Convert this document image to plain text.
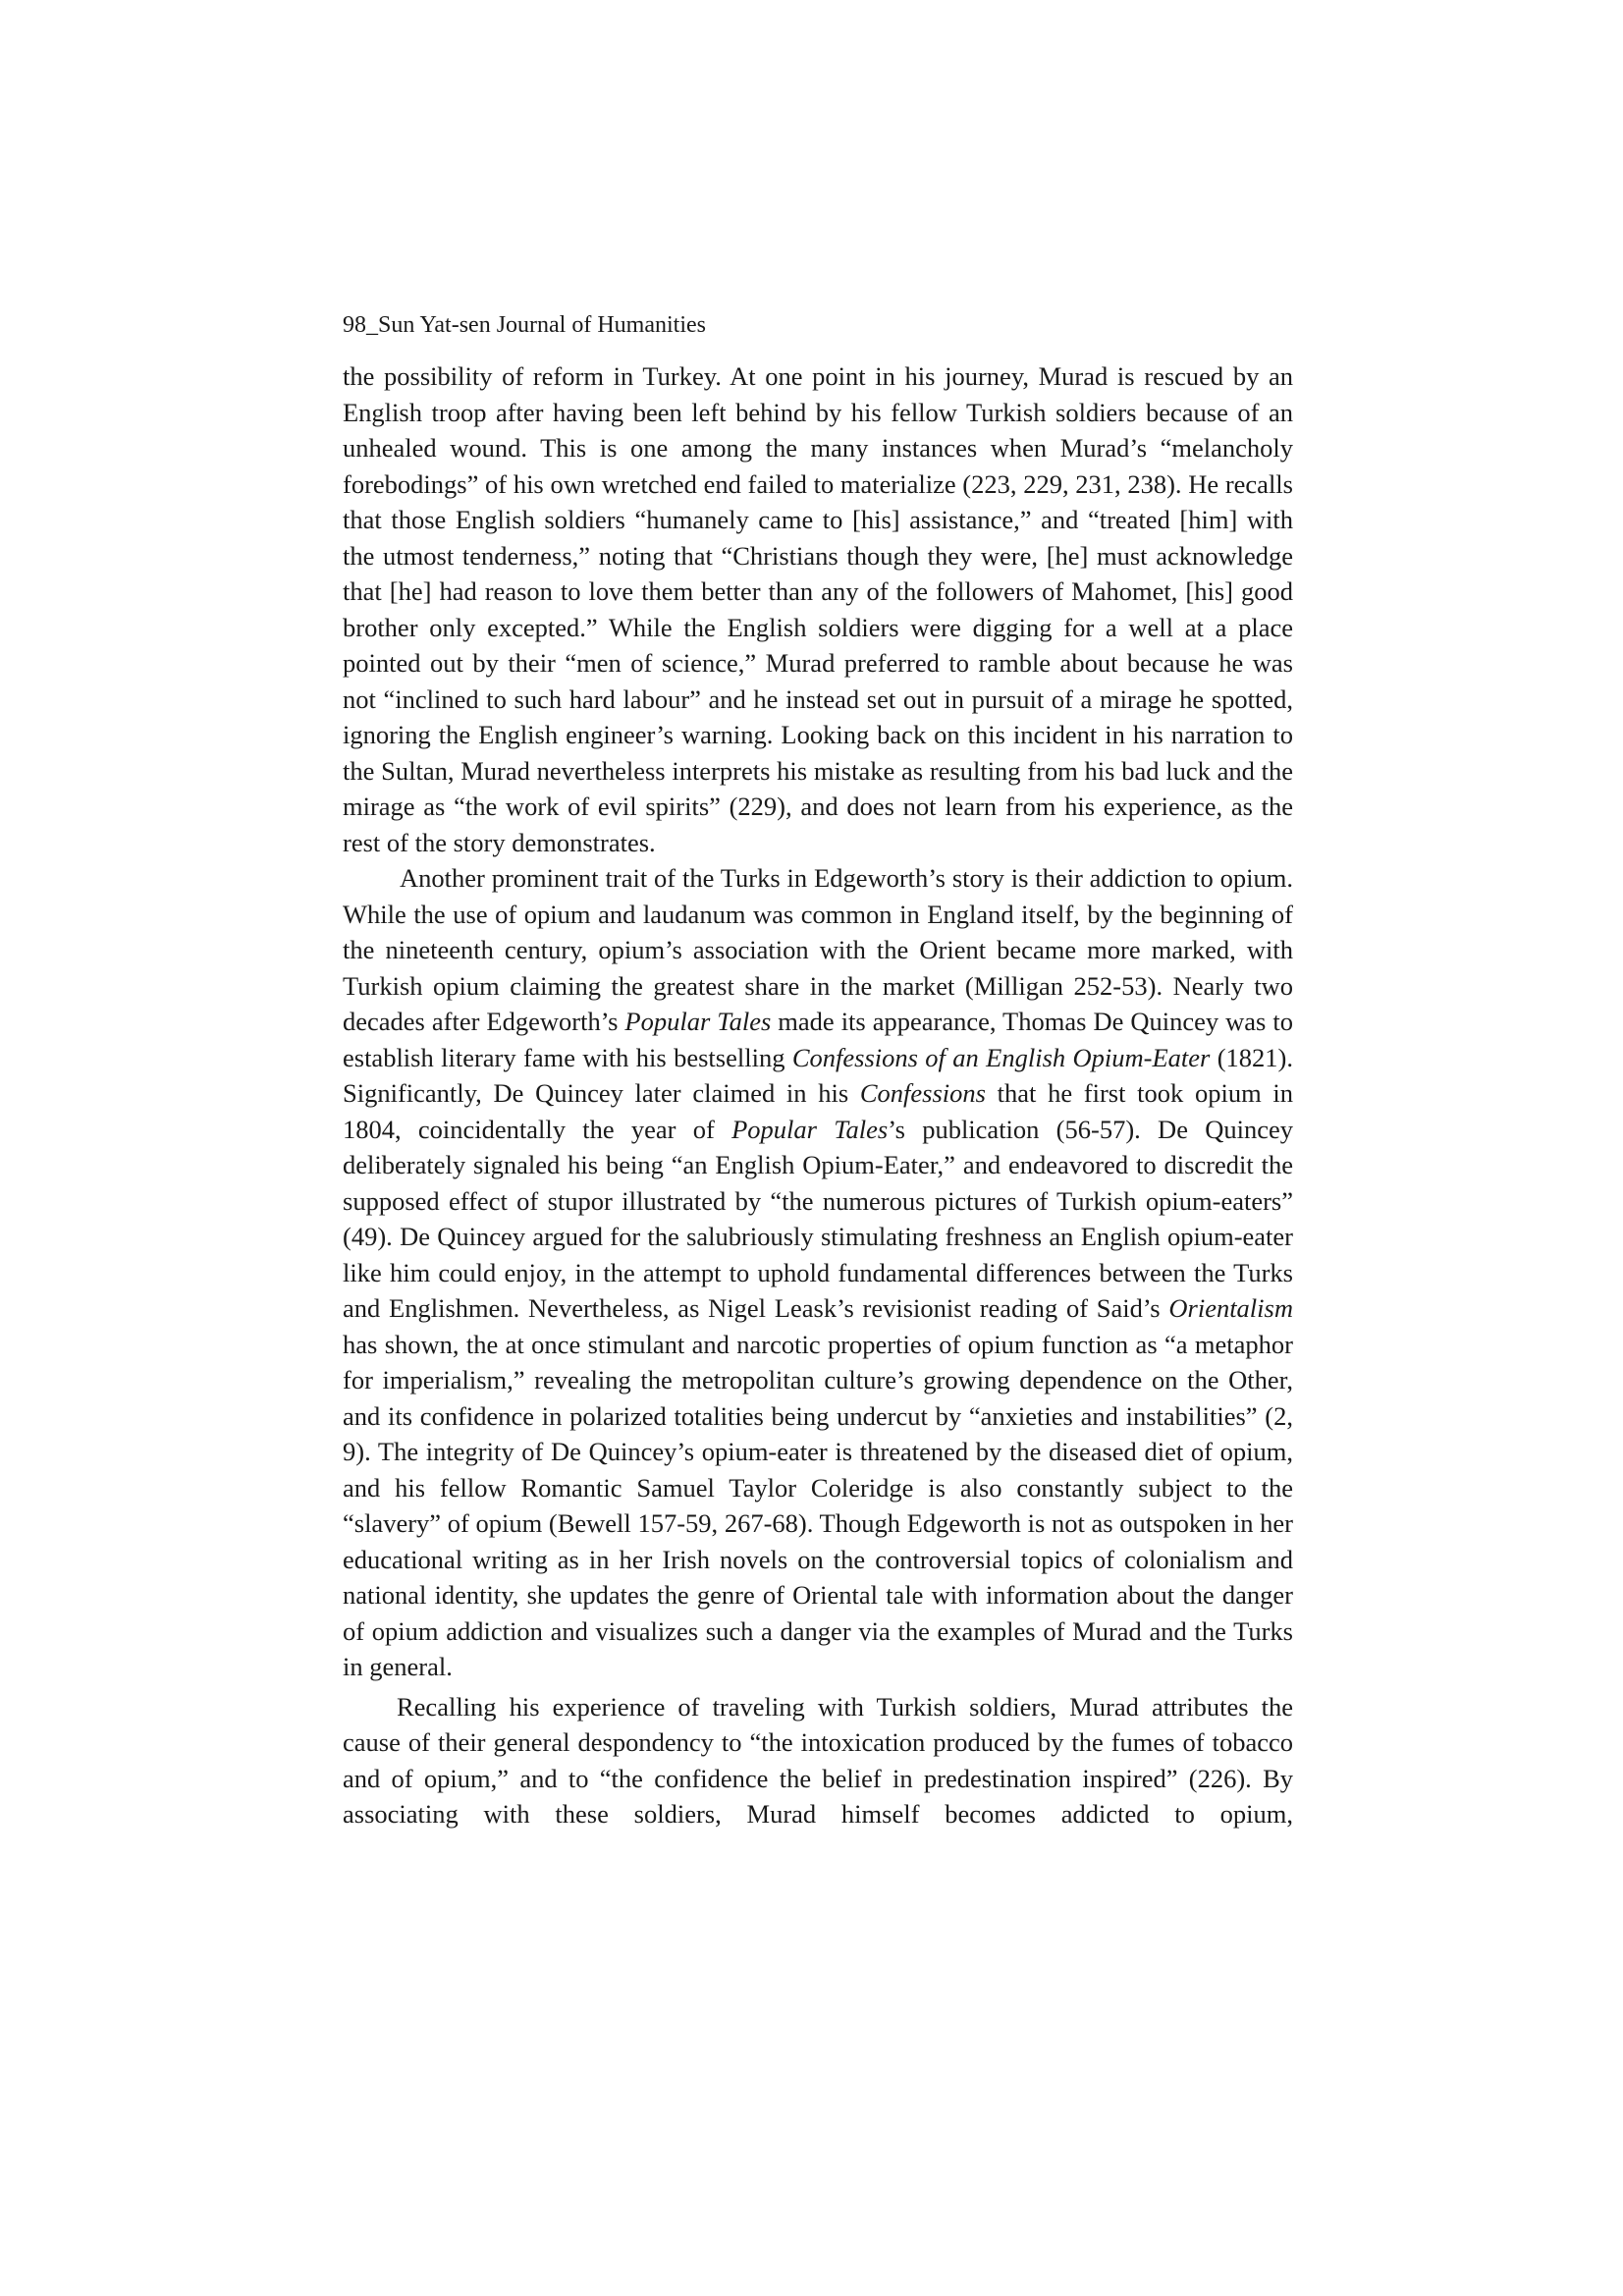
98_Sun Yat-sen Journal of Humanities

the possibility of reform in Turkey. At one point in his journey, Murad is rescued by an English troop after having been left behind by his fellow Turkish soldiers because of an unhealed wound. This is one among the many instances when Murad’s “melancholy forebodings” of his own wretched end failed to materialize (223, 229, 231, 238). He recalls that those English soldiers “humanely came to [his] assistance,” and “treated [him] with the utmost tenderness,” noting that “Christians though they were, [he] must acknowledge that [he] had reason to love them better than any of the followers of Mahomet, [his] good brother only excepted.” While the English soldiers were digging for a well at a place pointed out by their “men of science,” Murad preferred to ramble about because he was not “inclined to such hard labour” and he instead set out in pursuit of a mirage he spotted, ignoring the English engineer’s warning. Looking back on this incident in his narration to the Sultan, Murad nevertheless interprets his mistake as resulting from his bad luck and the mirage as “the work of evil spirits” (229), and does not learn from his experience, as the rest of the story demonstrates.

Another prominent trait of the Turks in Edgeworth’s story is their addiction to opium. While the use of opium and laudanum was common in England itself, by the beginning of the nineteenth century, opium’s association with the Orient became more marked, with Turkish opium claiming the greatest share in the market (Milligan 252-53). Nearly two decades after Edgeworth’s Popular Tales made its appearance, Thomas De Quincey was to establish literary fame with his bestselling Confessions of an English Opium-Eater (1821). Significantly, De Quincey later claimed in his Confessions that he first took opium in 1804, coincidentally the year of Popular Tales’s publication (56-57). De Quincey deliberately signaled his being “an English Opium-Eater,” and endeavored to discredit the supposed effect of stupor illustrated by “the numerous pictures of Turkish opium-eaters” (49). De Quincey argued for the salubriously stimulating freshness an English opium-eater like him could enjoy, in the attempt to uphold fundamental differences between the Turks and Englishmen. Nevertheless, as Nigel Leask’s revisionist reading of Said’s Orientalism has shown, the at once stimulant and narcotic properties of opium function as “a metaphor for imperialism,” revealing the metropolitan culture’s growing dependence on the Other, and its confidence in polarized totalities being undercut by “anxieties and instabilities” (2, 9). The integrity of De Quincey’s opium-eater is threatened by the diseased diet of opium, and his fellow Romantic Samuel Taylor Coleridge is also constantly subject to the “slavery” of opium (Bewell 157-59, 267-68). Though Edgeworth is not as outspoken in her educational writing as in her Irish novels on the controversial topics of colonialism and national identity, she updates the genre of Oriental tale with information about the danger of opium addiction and visualizes such a danger via the examples of Murad and the Turks in general.

Recalling his experience of traveling with Turkish soldiers, Murad attributes the cause of their general despondency to “the intoxication produced by the fumes of tobacco and of opium,” and to “the confidence the belief in predestination inspired” (226). By associating with these soldiers, Murad himself becomes addicted to opium,
